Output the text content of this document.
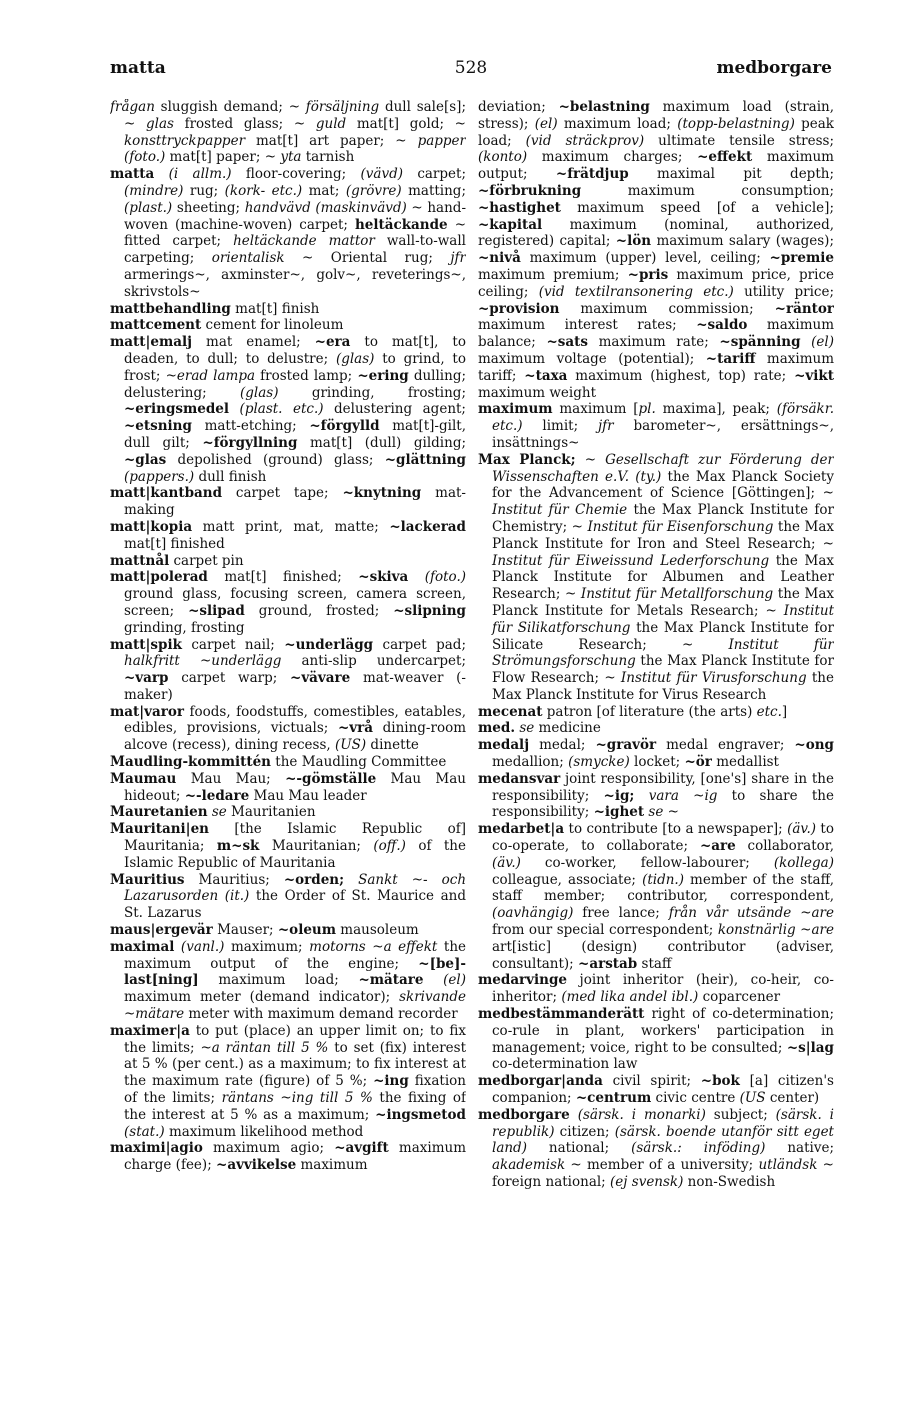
528
matta	medborgare

frågan sluggish demand; ~ försäljning dull sale[s]; ~ glas frosted glass; ~ guld mat[t] gold; ~ konsttryckpapper mat[t] art paper; ~ papper (foto.) mat[t] paper; ~ yta tarnish

matta (i allm.) floor-covering; (vävd) carpet; (mindre) rug; (kork- etc.) mat; (grövre) matting; (plast.) sheeting; handvävd (maskinvävd) ~ hand-woven (machine-woven) carpet; heltäckande ~ fitted carpet; heltäckande mattor wall-to-wall carpeting; orientalisk ~ Oriental rug; jfr armerings~, axminster~, golv~, reveterings~, skrivstols~

mattbehandling mat[t] finish

mattcement cement for linoleum

matt|emalj mat enamel; ~era to mat[t], to deaden, to dull; to delustre; (glas) to grind, to frost; ~erad lampa frosted lamp; ~ering dulling; delustering; (glas) grinding, frosting; ~eringsmedel (plast. etc.) delustering agent; ~etsning matt-etching; ~förgylld mat[t]-gilt, dull gilt; ~förgyllning mat[t] (dull) gilding; ~glas depolished (ground) glass; ~glättning (pappers.) dull finish

matt|kantband carpet tape; ~knytning mat-making

matt|kopia matt print, mat, matte; ~lackerad mat[t] finished

mattnål carpet pin

matt|polerad mat[t] finished; ~skiva (foto.) ground glass, focusing screen, camera screen, screen; ~slipad ground, frosted; ~slipning grinding, frosting

matt|spik carpet nail; ~underlägg carpet pad; halkfritt ~underlägg anti-slip undercarpet; ~varp carpet warp; ~vävare mat-weaver (-maker)

mat|varor foods, foodstuffs, comestibles, eatables, edibles, provisions, victuals; ~vrå dining-room alcove (recess), dining recess, (US) dinette

Maudling-kommittén the Maudling Committee

Maumau Mau Mau; ~-gömställe Mau Mau hideout; ~-ledare Mau Mau leader

Mauretanien se Mauritanien

Mauritani|en [the Islamic Republic of] Mauritania; m~sk Mauritanian; (off.) of the Islamic Republic of Mauritania

Mauritius Mauritius; ~orden; Sankt ~- och Lazarusorden (it.) the Order of St. Maurice and St. Lazarus

maus|ergevär Mauser; ~oleum mausoleum

maximal (vanl.) maximum; motorns ~a effekt the maximum output of the engine; ~[be]-last[ning] maximum load; ~mätare (el) maximum meter (demand indicator); skrivande ~mätare meter with maximum demand recorder

maximer|a to put (place) an upper limit on; to fix the limits; ~a räntan till 5 % to set (fix) interest at 5 % (per cent.) as a maximum; to fix interest at the maximum rate (figure) of 5 %; ~ing fixation of the limits; räntans ~ing till 5 % the fixing of the interest at 5 % as a maximum; ~ingsmetod (stat.) maximum likelihood method

maximi|agio maximum agio; ~avgift maximum charge (fee); ~avvikelse maximum

deviation; ~belastning maximum load (strain, stress); (el) maximum load; (topp-belastning) peak load; (vid sträckprov) ultimate tensile stress; (konto) maximum charges; ~effekt maximum output; ~frätdjup maximal pit depth; ~förbrukning maximum consumption; ~hastighet maximum speed [of a vehicle]; ~kapital maximum (nominal, authorized, registered) capital; ~lön maximum salary (wages); ~nivå maximum (upper) level, ceiling; ~premie maximum premium; ~pris maximum price, price ceiling; (vid textilransonering etc.) utility price; ~provision maximum commission; ~räntor maximum interest rates; ~saldo maximum balance; ~sats maximum rate; ~spänning (el) maximum voltage (potential); ~tariff maximum tariff; ~taxa maximum (highest, top) rate; ~vikt maximum weight

maximum maximum [pl. maxima], peak; (försäkr. etc.) limit; jfr barometer~, ersättnings~, insättnings~

Max Planck; ~ Gesellschaft zur Förderung der Wissenschaften e.V. (ty.) the Max Planck Society for the Advancement of Science [Göttingen]; ~ Institut für Chemie the Max Planck Institute for Chemistry; ~ Institut für Eisenforschung the Max Planck Institute for Iron and Steel Research; ~ Institut für Eiweissund Lederforschung the Max Planck Institute for Albumen and Leather Research; ~ Institut für Metallforschung the Max Planck Institute for Metals Research; ~ Institut für Silikatforschung the Max Planck Institute for Silicate Research; ~ Institut für Strömungsforschung the Max Planck Institute for Flow Research; ~ Institut für Virusforschung the Max Planck Institute for Virus Research

mecenat patron [of literature (the arts) etc.]

med. se medicine

medalj medal; ~gravör medal engraver; ~ong medallion; (smycke) locket; ~ör medallist

medansvar joint responsibility, [one's] share in the responsibility; ~ig; vara ~ig to share the responsibility; ~ighet se ~

medarbet|a to contribute [to a newspaper]; (äv.) to co-operate, to collaborate; ~are collaborator, (äv.) co-worker, fellow-labourer; (kollega) colleague, associate; (tidn.) member of the staff, staff member; contributor, correspondent, (oavhängig) free lance; från vår utsände ~are from our special correspondent; konstnärlig ~are art[istic] (design) contributor (adviser, consultant); ~arstab staff

medarvinge joint inheritor (heir), co-heir, co-inheritor; (med lika andel ibl.) coparcener

medbestämmanderätt right of co-determination; co-rule in plant, workers' participation in management; voice, right to be consulted; ~s|lag co-determination law

medborgar|anda civil spirit; ~bok [a] citizen's companion; ~centrum civic centre (US center)

medborgare (särsk. i monarki) subject; (särsk. i republik) citizen; (särsk. boende utanför sitt eget land) national; (särsk.: inföding) native; akademisk ~ member of a university; utländsk ~ foreign national; (ej svensk) non-Swedish
